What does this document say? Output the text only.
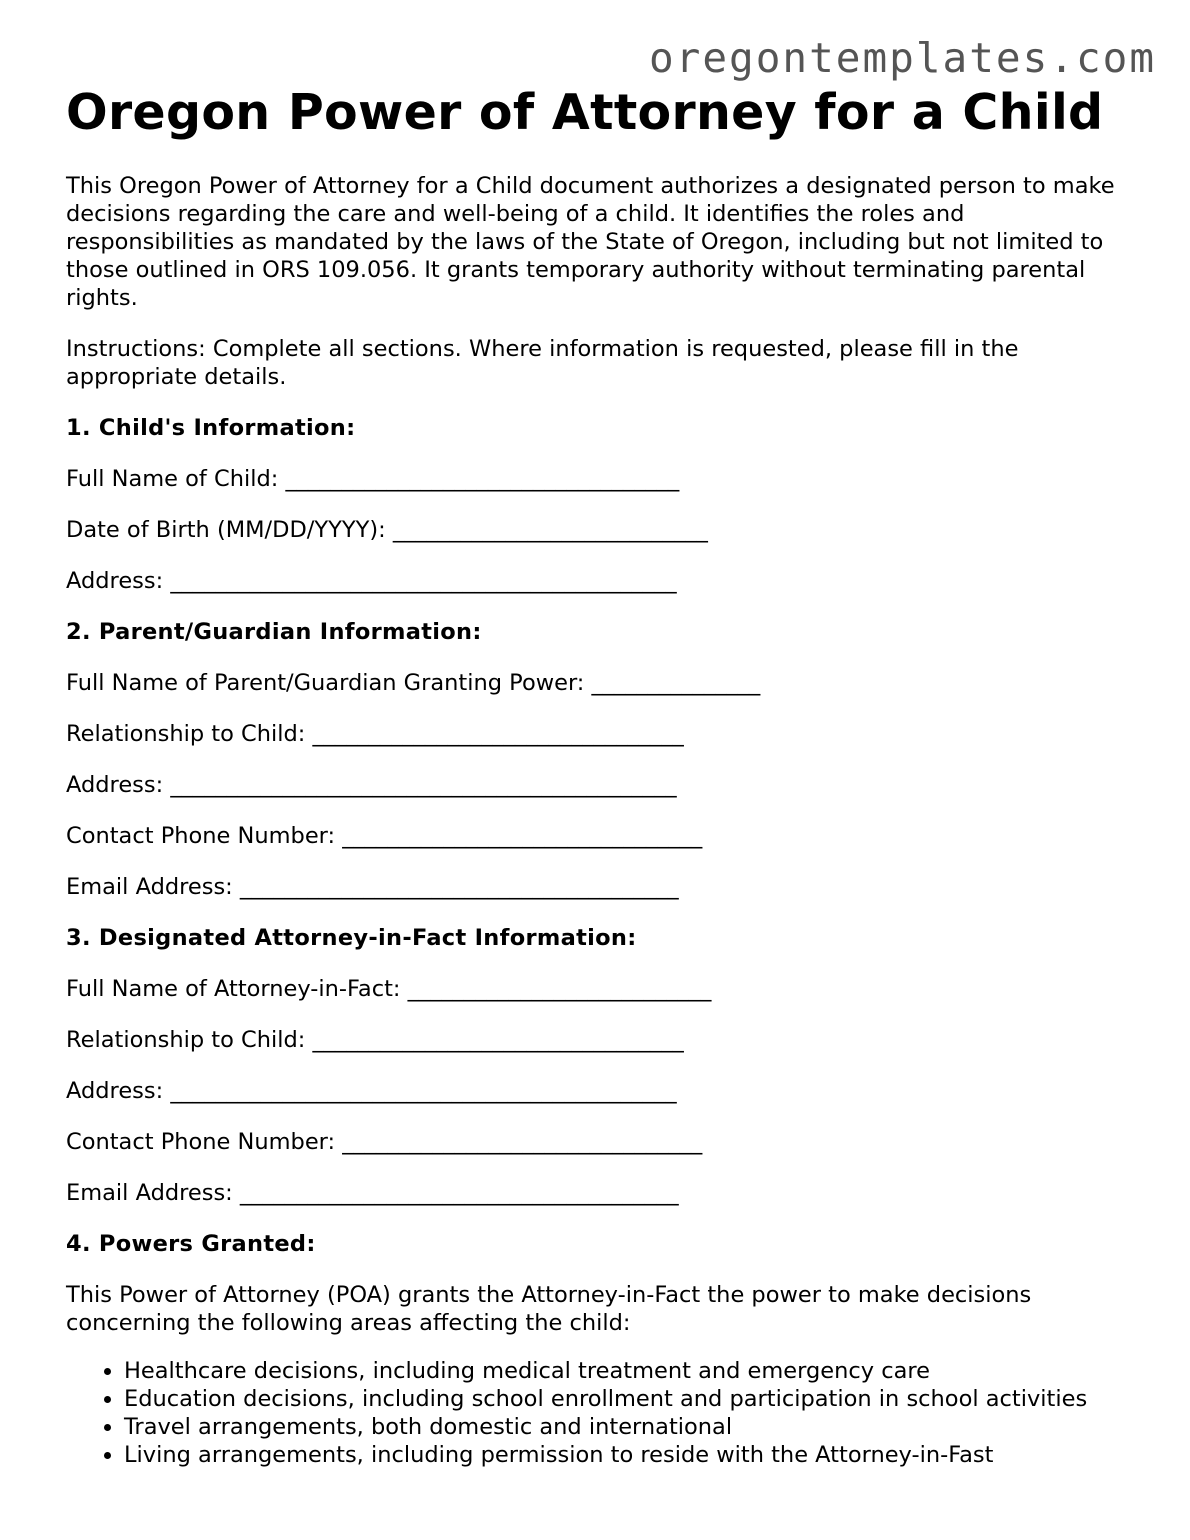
oregontemplates.com
Oregon Power of Attorney for a Child

This Oregon Power of Attorney for a Child document authorizes a designated person to make decisions regarding the care and well-being of a child. It identifies the roles and responsibilities as mandated by the laws of the State of Oregon, including but not limited to those outlined in ORS 109.056. It grants temporary authority without terminating parental rights.

Instructions: Complete all sections. Where information is requested, please fill in the appropriate details.

1. Child's Information:
Full Name of Child: ___________________________________
Date of Birth (MM/DD/YYYY): ____________________________
Address: _____________________________________________
2. Parent/Guardian Information:
Full Name of Parent/Guardian Granting Power: _______________
Relationship to Child: _________________________________
Address: _____________________________________________
Contact Phone Number: ________________________________
Email Address: _______________________________________
3. Designated Attorney-in-Fact Information:
Full Name of Attorney-in-Fact: ___________________________
Relationship to Child: _________________________________
Address: _____________________________________________
Contact Phone Number: ________________________________
Email Address: _______________________________________
4. Powers Granted:

This Power of Attorney (POA) grants the Attorney-in-Fact the power to make decisions concerning the following areas affecting the child:

• Healthcare decisions, including medical treatment and emergency care
• Education decisions, including school enrollment and participation in school activities
• Travel arrangements, both domestic and international
• Living arrangements, including permission to reside with the Attorney-in-Fast
